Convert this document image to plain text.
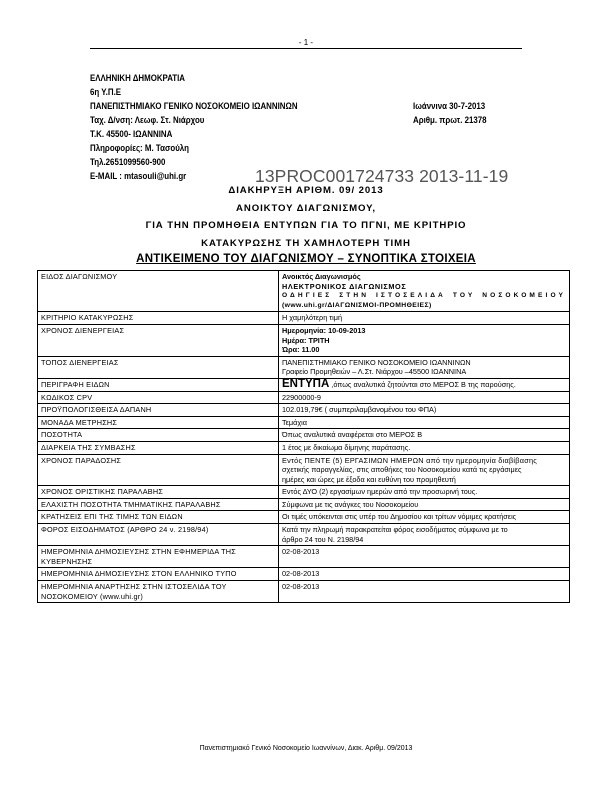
- 1 -
ΕΛΛΗΝΙΚΗ ΔΗΜΟΚΡΑΤΙΑ
6η Υ.Π.Ε
ΠΑΝΕΠΙΣΤΗΜΙΑΚΟ ΓΕΝΙΚΟ ΝΟΣΟΚΟΜΕΙΟ ΙΩΑΝΝΙΝΩΝ
Ταχ. Δ/νση: Λεωφ. Στ. Νιάρχου
Τ.Κ. 45500- ΙΩΑΝΝΙΝΑ
Πληροφορίες: Μ. Τασούλη
Τηλ.2651099560-900
E-MAIL : mtasouli@uhi.gr
Ιωάννινα 30-7-2013
Αριθμ. πρωτ. 21378
13PROC001724733 2013-11-19
ΔΙΑΚΗΡΥΞΗ ΑΡΙΘΜ. 09/ 2013
ΑΝΟΙΚΤΟΥ ΔΙΑΓΩΝΙΣΜΟΥ,
ΓΙΑ ΤΗΝ ΠΡΟΜΗΘΕΙΑ ΕΝΤΥΠΩΝ ΓΙΑ ΤΟ ΠΓΝΙ, ΜΕ ΚΡΙΤΗΡΙΟ
ΚΑΤΑΚΥΡΩΣΗΣ ΤΗ ΧΑΜΗΛΟΤΕΡΗ ΤΙΜΗ
ΑΝΤΙΚΕΙΜΕΝΟ ΤΟΥ ΔΙΑΓΩΝΙΣΜΟΥ – ΣΥΝΟΠΤΙΚΑ ΣΤΟΙΧΕΙΑ
ΕΙΔΟΣ ΔΙΑΓΩΝΙΣΜΟΥ	Ανοικτός Διαγωνισμός
ΗΛΕΚΤΡΟΝΙΚΟΣ ΔΙΑΓΩΝΙΣΜΟΣ
ΟΔΗΓΙΕΣ ΣΤΗΝ ΙΣΤΟΣΕΛΙΔΑ ΤΟΥ ΝΟΣΟΚΟΜΕΙΟΥ
(www.uhi.gr/ΔΙΑΓΩΝΙΣΜΟΙ-ΠΡΟΜΗΘΕΙΕΣ)

ΚΡΙΤΗΡΙΟ ΚΑΤΑΚΥΡΩΣΗΣ	Η χαμηλότερη τιμή

ΧΡΟΝΟΣ ΔΙΕΝΕΡΓΕΙΑΣ	Ημερομηνία: 10-09-2013
Ημέρα: ΤΡΙΤΗ
Ώρα: 11.00

ΤΟΠΟΣ ΔΙΕΝΕΡΓΕΙΑΣ	ΠΑΝΕΠΙΣΤΗΜΙΑΚΟ ΓΕΝΙΚΟ ΝΟΣΟΚΟΜΕΙΟ ΙΩΑΝΝΙΝΩΝ
Γραφείο Προμηθειών – Λ.Στ. Νιάρχου –45500 ΙΩΑΝΝΙΝΑ

ΠΕΡΙΓΡΑΦΗ ΕΙΔΩΝ	ΕΝΤΥΠΑ ,όπως αναλυτικά ζητούνται στο ΜΕΡΟΣ Β της παρούσης.
ΚΩΔΙΚΟΣ CPV	22900000-9

ΠΡΟΫΠΟΛΟΓΙΣΘΕΙΣΑ ΔΑΠΑΝΗ	102.019,79€ ( συμπεριλαμβανομένου του ΦΠΑ)

ΜΟΝΑΔΑ ΜΕΤΡΗΣΗΣ	Τεμάχια

ΠΟΣΟΤΗΤΑ	Όπως αναλυτικά αναφέρεται στο ΜΕΡΟΣ Β

ΔΙΑΡΚΕΙΑ ΤΗΣ ΣΥΜΒΑΣΗΣ	1 έτος με δικαίωμα δίμηνης παράτασης.

ΧΡΟΝΟΣ ΠΑΡΑΔΟΣΗΣ	Εντός ΠΕΝΤΕ (5) ΕΡΓΑΣΙΜΩΝ ΗΜΕΡΩΝ από την ημερομηνία διαβίβασης
σχετικής παραγγελίας, στις αποθήκες του Νοσοκομείου κατά τις εργάσιμες
ημέρες και ώρες με έξοδα και ευθύνη του προμηθευτή

ΧΡΟΝΟΣ ΟΡΙΣΤΙΚΗΣ ΠΑΡΑΛΑΒΗΣ	Εντός ΔΥΟ (2) εργασίμων ημερών από την προσωρινή τους.

ΕΛΑΧΙΣΤΗ ΠΟΣΟΤΗΤΑ ΤΜΗΜΑΤΙΚΗΣ ΠΑΡΑΛΑΒΗΣ	Σύμφωνα με τις ανάγκες του Νοσοκομείου

ΚΡΑΤΗΣΕΙΣ ΕΠΙ ΤΗΣ ΤΙΜΗΣ ΤΩΝ ΕΙΔΩΝ	Οι τιμές υπόκεινται στις υπέρ του Δημοσίου και τρίτων νόμιμες κρατήσεις

ΦΟΡΟΣ ΕΙΣΟΔΗΜΑΤΟΣ (ΑΡΘΡΟ 24 ν. 2198/94)	Κατά την πληρωμή παρακρατείται φόρος εισοδήματος σύμφωνα με το
άρθρο 24 του Ν. 2198/94

ΗΜΕΡΟΜΗΝΙΑ ΔΗΜΟΣΙΕΥΣΗΣ ΣΤΗΝ ΕΦΗΜΕΡΙΔΑ ΤΗΣ ΚΥΒΕΡΝΗΣΗΣ	02-08-2013

ΗΜΕΡΟΜΗΝΙΑ ΔΗΜΟΣΙΕΥΣΗΣ ΣΤΟΝ ΕΛΛΗΝΙΚΟ ΤΥΠΟ	02-08-2013

ΗΜΕΡΟΜΗΝΙΑ ΑΝΑΡΤΗΣΗΣ ΣΤΗΝ ΙΣΤΟΣΕΛΙΔΑ ΤΟΥ ΝΟΣΟΚΟΜΕΙΟΥ (www.uhi.gr)	02-08-2013
Πανεπιστημιακό Γενικό Νοσοκομείο Ιωαννίνων, Διακ. Αριθμ. 09/2013
